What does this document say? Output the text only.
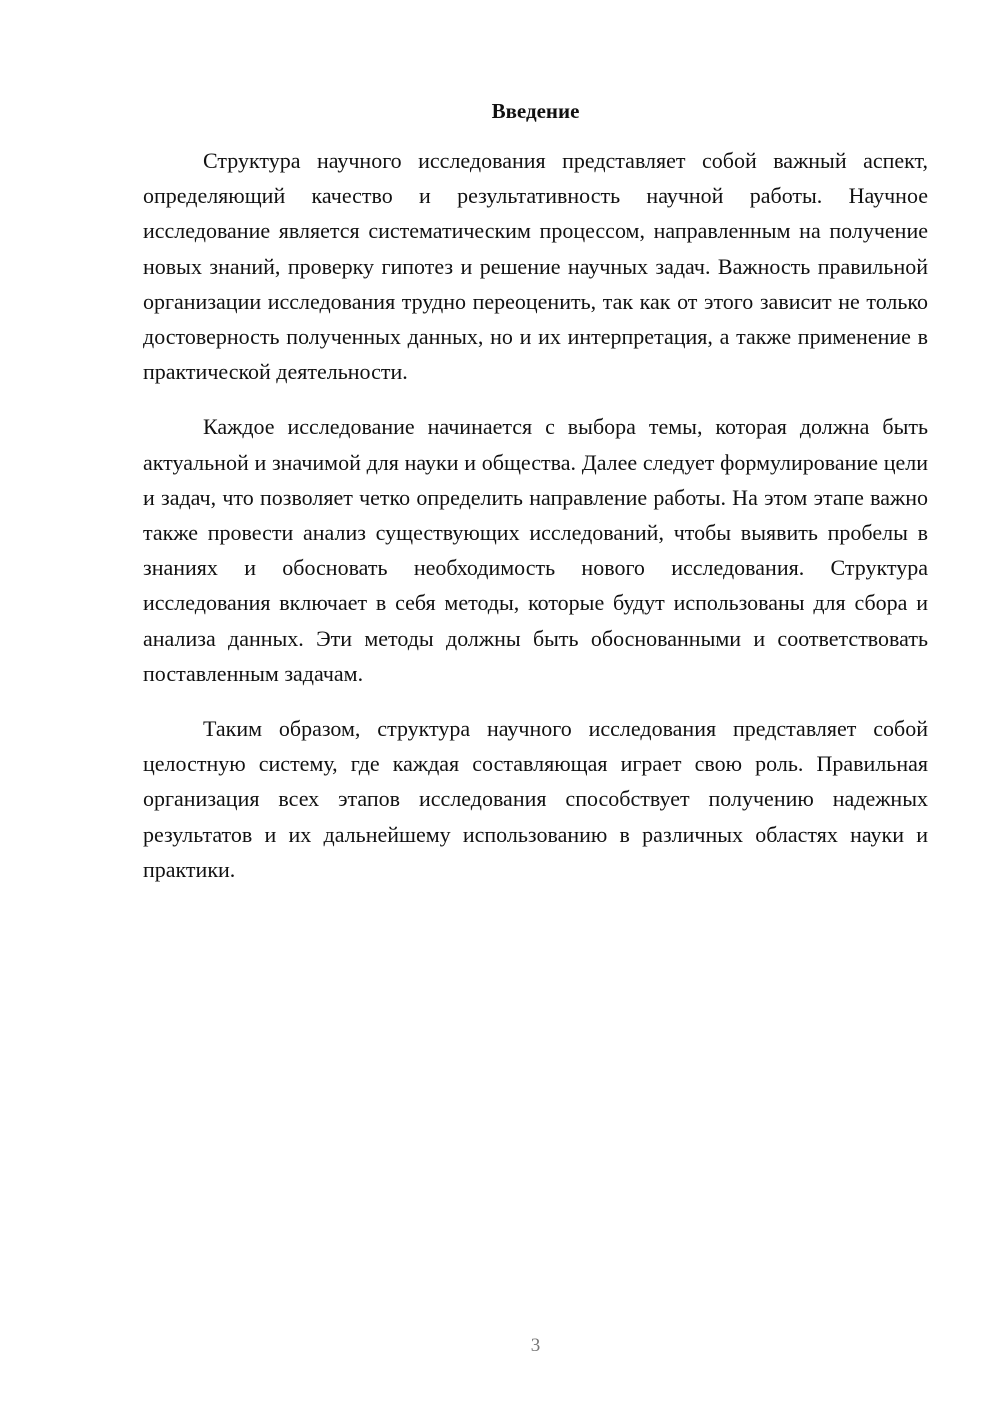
Введение

Структура научного исследования представляет собой важный аспект, определяющий качество и результативность научной работы. Научное исследование является систематическим процессом, направленным на получение новых знаний, проверку гипотез и решение научных задач. Важность правильной организации исследования трудно переоценить, так как от этого зависит не только достоверность полученных данных, но и их интерпретация, а также применение в практической деятельности.

Каждое исследование начинается с выбора темы, которая должна быть актуальной и значимой для науки и общества. Далее следует формулирование цели и задач, что позволяет четко определить направление работы. На этом этапе важно также провести анализ существующих исследований, чтобы выявить пробелы в знаниях и обосновать необходимость нового исследования. Структура исследования включает в себя методы, которые будут использованы для сбора и анализа данных. Эти методы должны быть обоснованными и соответствовать поставленным задачам.

Таким образом, структура научного исследования представляет собой целостную систему, где каждая составляющая играет свою роль. Правильная организация всех этапов исследования способствует получению надежных результатов и их дальнейшему использованию в различных областях науки и практики.

3
